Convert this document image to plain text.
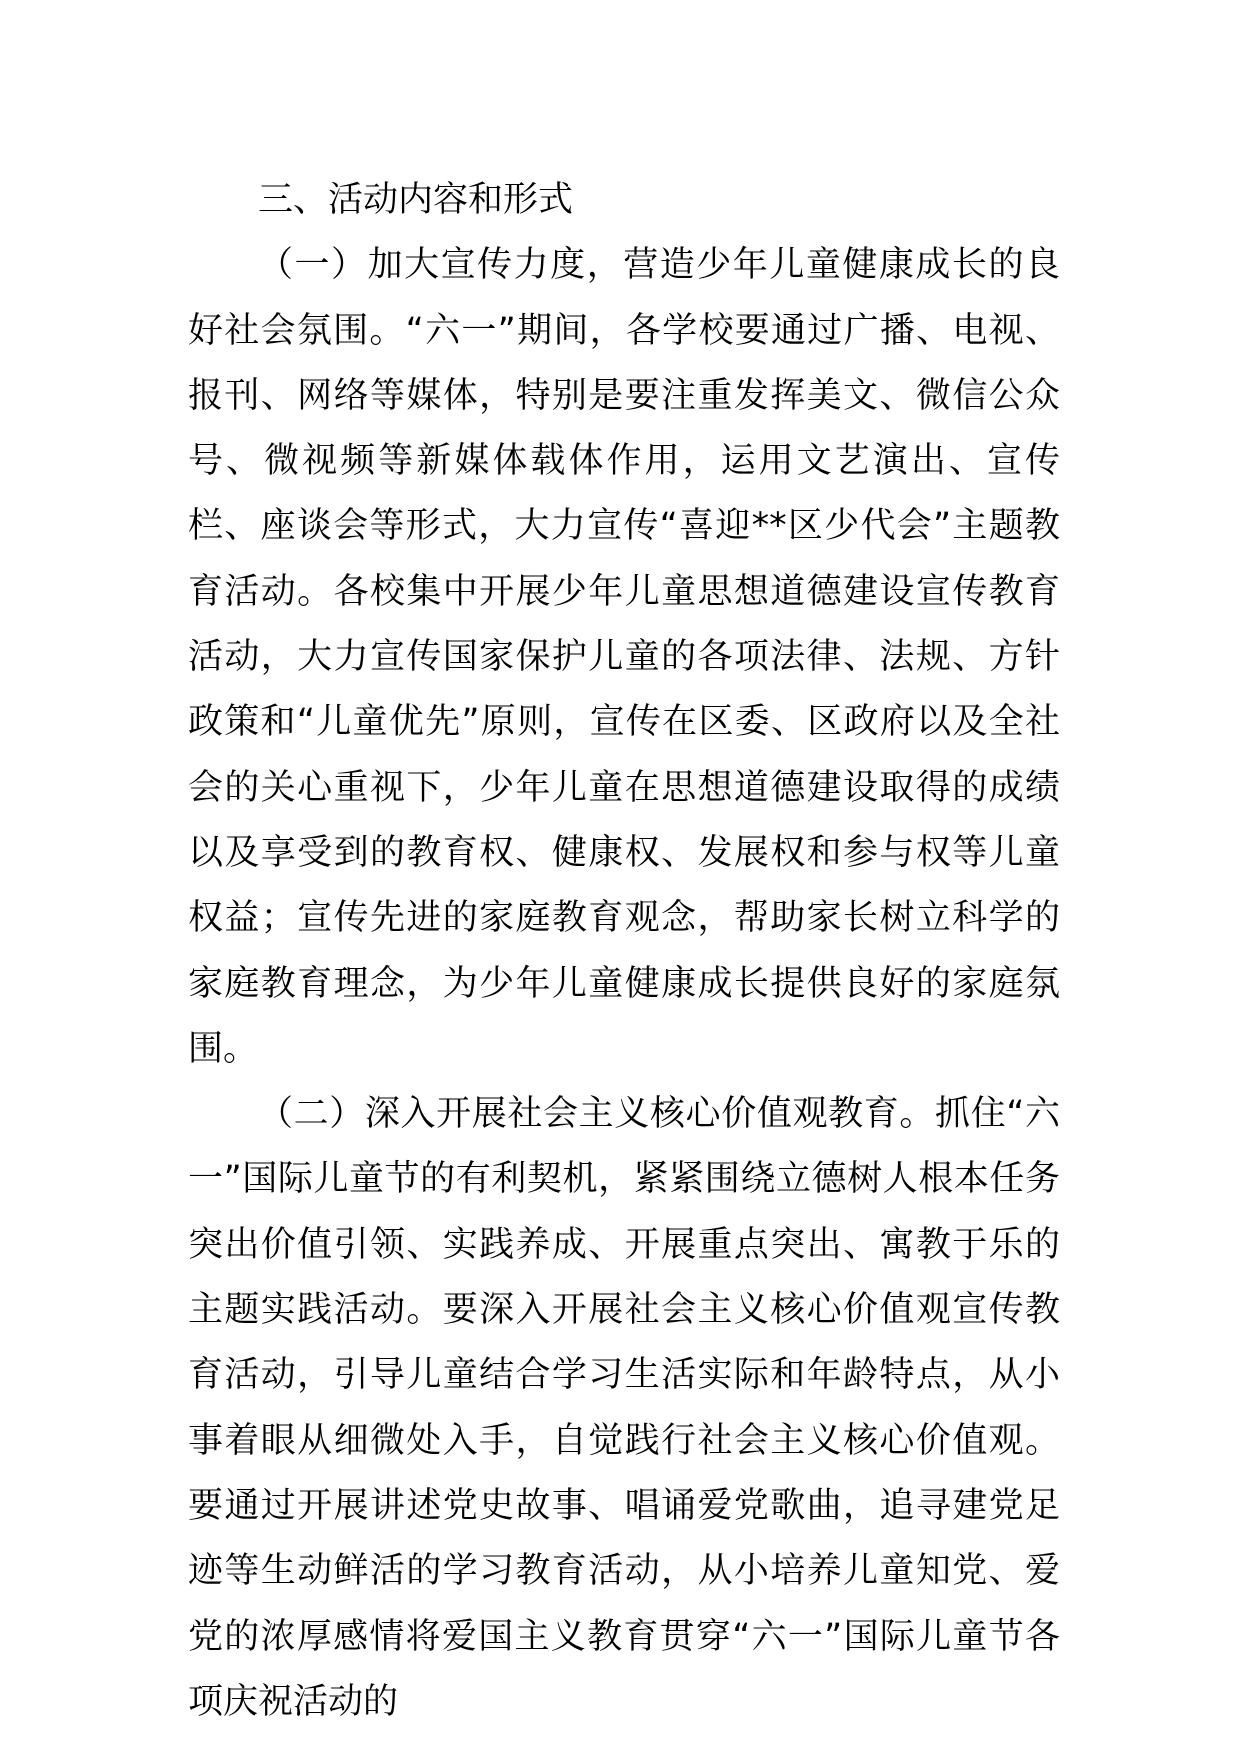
三、活动内容和形式

（一）加大宣传力度，营造少年儿童健康成长的良好社会氛围。“六一”期间，各学校要通过广播、电视、报刊、网络等媒体，特别是要注重发挥美文、微信公众号、微视频等新媒体载体作用，运用文艺演出、宣传栏、座谈会等形式，大力宣传“喜迎**区少代会”主题教育活动。各校集中开展少年儿童思想道德建设宣传教育活动，大力宣传国家保护儿童的各项法律、法规、方针政策和“儿童优先”原则，宣传在区委、区政府以及全社会的关心重视下，少年儿童在思想道德建设取得的成绩以及享受到的教育权、健康权、发展权和参与权等儿童权益；宣传先进的家庭教育观念，帮助家长树立科学的家庭教育理念，为少年儿童健康成长提供良好的家庭氛围。

（二）深入开展社会主义核心价值观教育。抓住“六一”国际儿童节的有利契机，紧紧围绕立德树人根本任务突出价值引领、实践养成、开展重点突出、寓教于乐的主题实践活动。要深入开展社会主义核心价值观宣传教育活动，引导儿童结合学习生活实际和年龄特点，从小事着眼从细微处入手，自觉践行社会主义核心价值观。要通过开展讲述党史故事、唱诵爱党歌曲，追寻建党足迹等生动鲜活的学习教育活动，从小培养儿童知党、爱党的浓厚感情将爱国主义教育贯穿“六一”国际儿童节各项庆祝活动的
